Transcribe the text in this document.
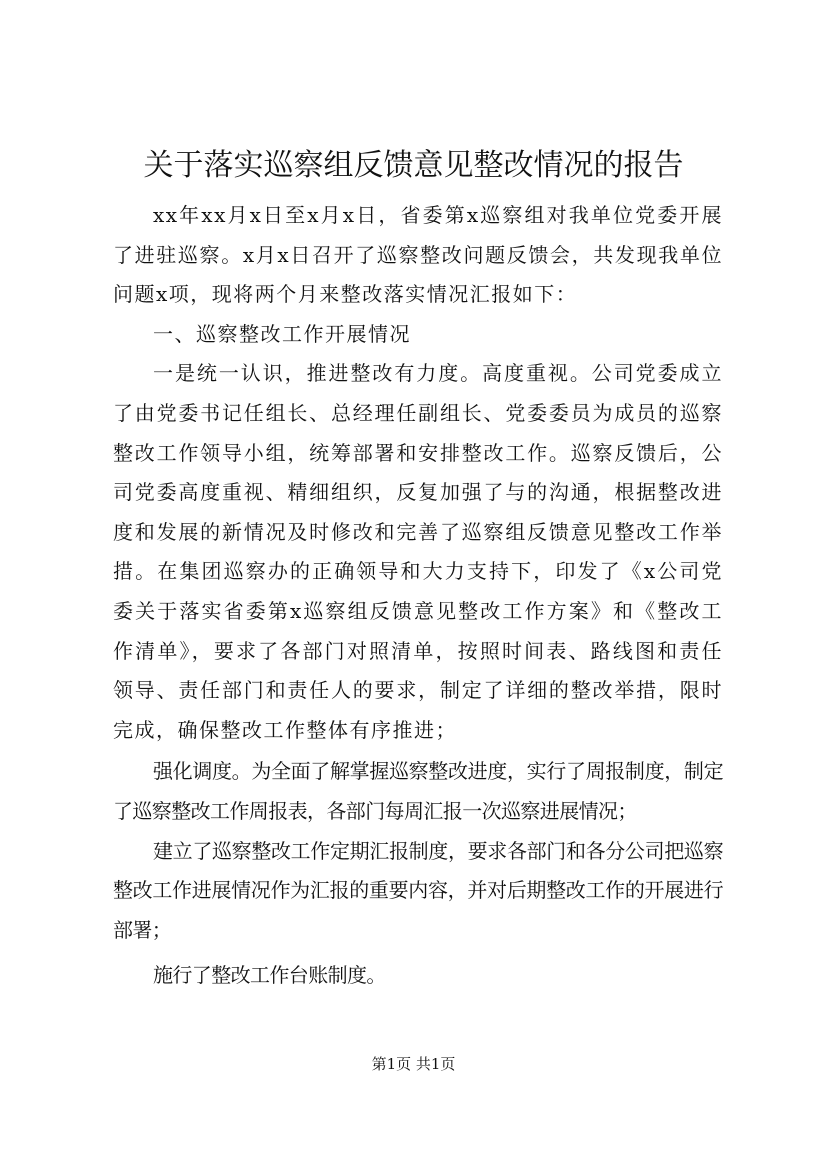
关于落实巡察组反馈意见整改情况的报告

xx年xx月x日至x月x日，省委第x巡察组对我单位党委开展了进驻巡察。x月x日召开了巡察整改问题反馈会，共发现我单位问题x项，现将两个月来整改落实情况汇报如下：

一、巡察整改工作开展情况

一是统一认识，推进整改有力度。高度重视。公司党委成立了由党委书记任组长、总经理任副组长、党委委员为成员的巡察整改工作领导小组，统筹部署和安排整改工作。巡察反馈后，公司党委高度重视、精细组织，反复加强了与的沟通，根据整改进度和发展的新情况及时修改和完善了巡察组反馈意见整改工作举措。在集团巡察办的正确领导和大力支持下，印发了《x公司党委关于落实省委第x巡察组反馈意见整改工作方案》和《整改工作清单》，要求了各部门对照清单，按照时间表、路线图和责任领导、责任部门和责任人的要求，制定了详细的整改举措，限时完成，确保整改工作整体有序推进；

强化调度。为全面了解掌握巡察整改进度，实行了周报制度，制定了巡察整改工作周报表，各部门每周汇报一次巡察进展情况；

建立了巡察整改工作定期汇报制度，要求各部门和各分公司把巡察整改工作进展情况作为汇报的重要内容，并对后期整改工作的开展进行部署；

施行了整改工作台账制度。

第1页 共1页
